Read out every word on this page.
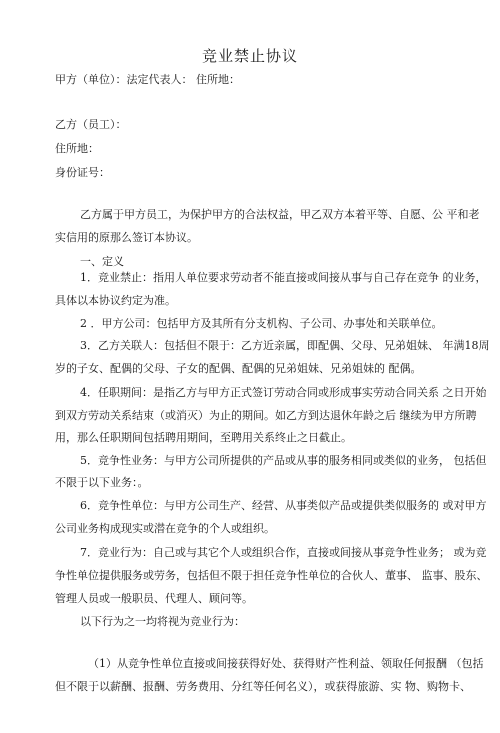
竞业禁止协议
甲方（单位）：法定代表人： 住所地：
乙方（员工）：
住所地：
身份证号：
乙方属于甲方员工，为保护甲方的合法权益，甲乙双方本着平等、自愿、公 平和老
实信用的原那么签订本协议。
一、定义
1．竞业禁止：指用人单位要求劳动者不能直接或间接从事与自己存在竞争 的业务，
具体以本协议约定为准。
2 ．甲方公司：包括甲方及其所有分支机构、子公司、办事处和关联单位。
3．乙方关联人：包括但不限于：乙方近亲属，即配偶、父母、兄弟姐妹、 年满18周
岁的子女、配偶的父母、子女的配偶、配偶的兄弟姐妹、兄弟姐妹的 配偶。
4．任职期间：是指乙方与甲方正式签订劳动合同或形成事实劳动合同关系 之日开始
到双方劳动关系结束（或消灭）为止的期间。如乙方到达退休年龄之后 继续为甲方所聘
用，那么任职期间包括聘用期间，至聘用关系终止之日截止。
5．竞争性业务：与甲方公司所提供的产品或从事的服务相同或类似的业务， 包括但
不限于以下业务：。
6．竞争性单位：与甲方公司生产、经营、从事类似产品或提供类似服务的 或对甲方
公司业务构成现实或潜在竞争的个人或组织。
7．竞业行为：自己或与其它个人或组织合作，直接或间接从事竞争性业务； 或为竞
争性单位提供服务或劳务，包括但不限于担任竞争性单位的合伙人、董事、 监事、股东、
管理人员或一般职员、代理人、顾问等。
以下行为之一均将视为竞业行为：
（1）从竞争性单位直接或间接获得好处、获得财产性利益、领取任何报酬 （包括
但不限于以薪酬、报酬、劳务费用、分红等任何名义），或获得旅游、实 物、购物卡、
